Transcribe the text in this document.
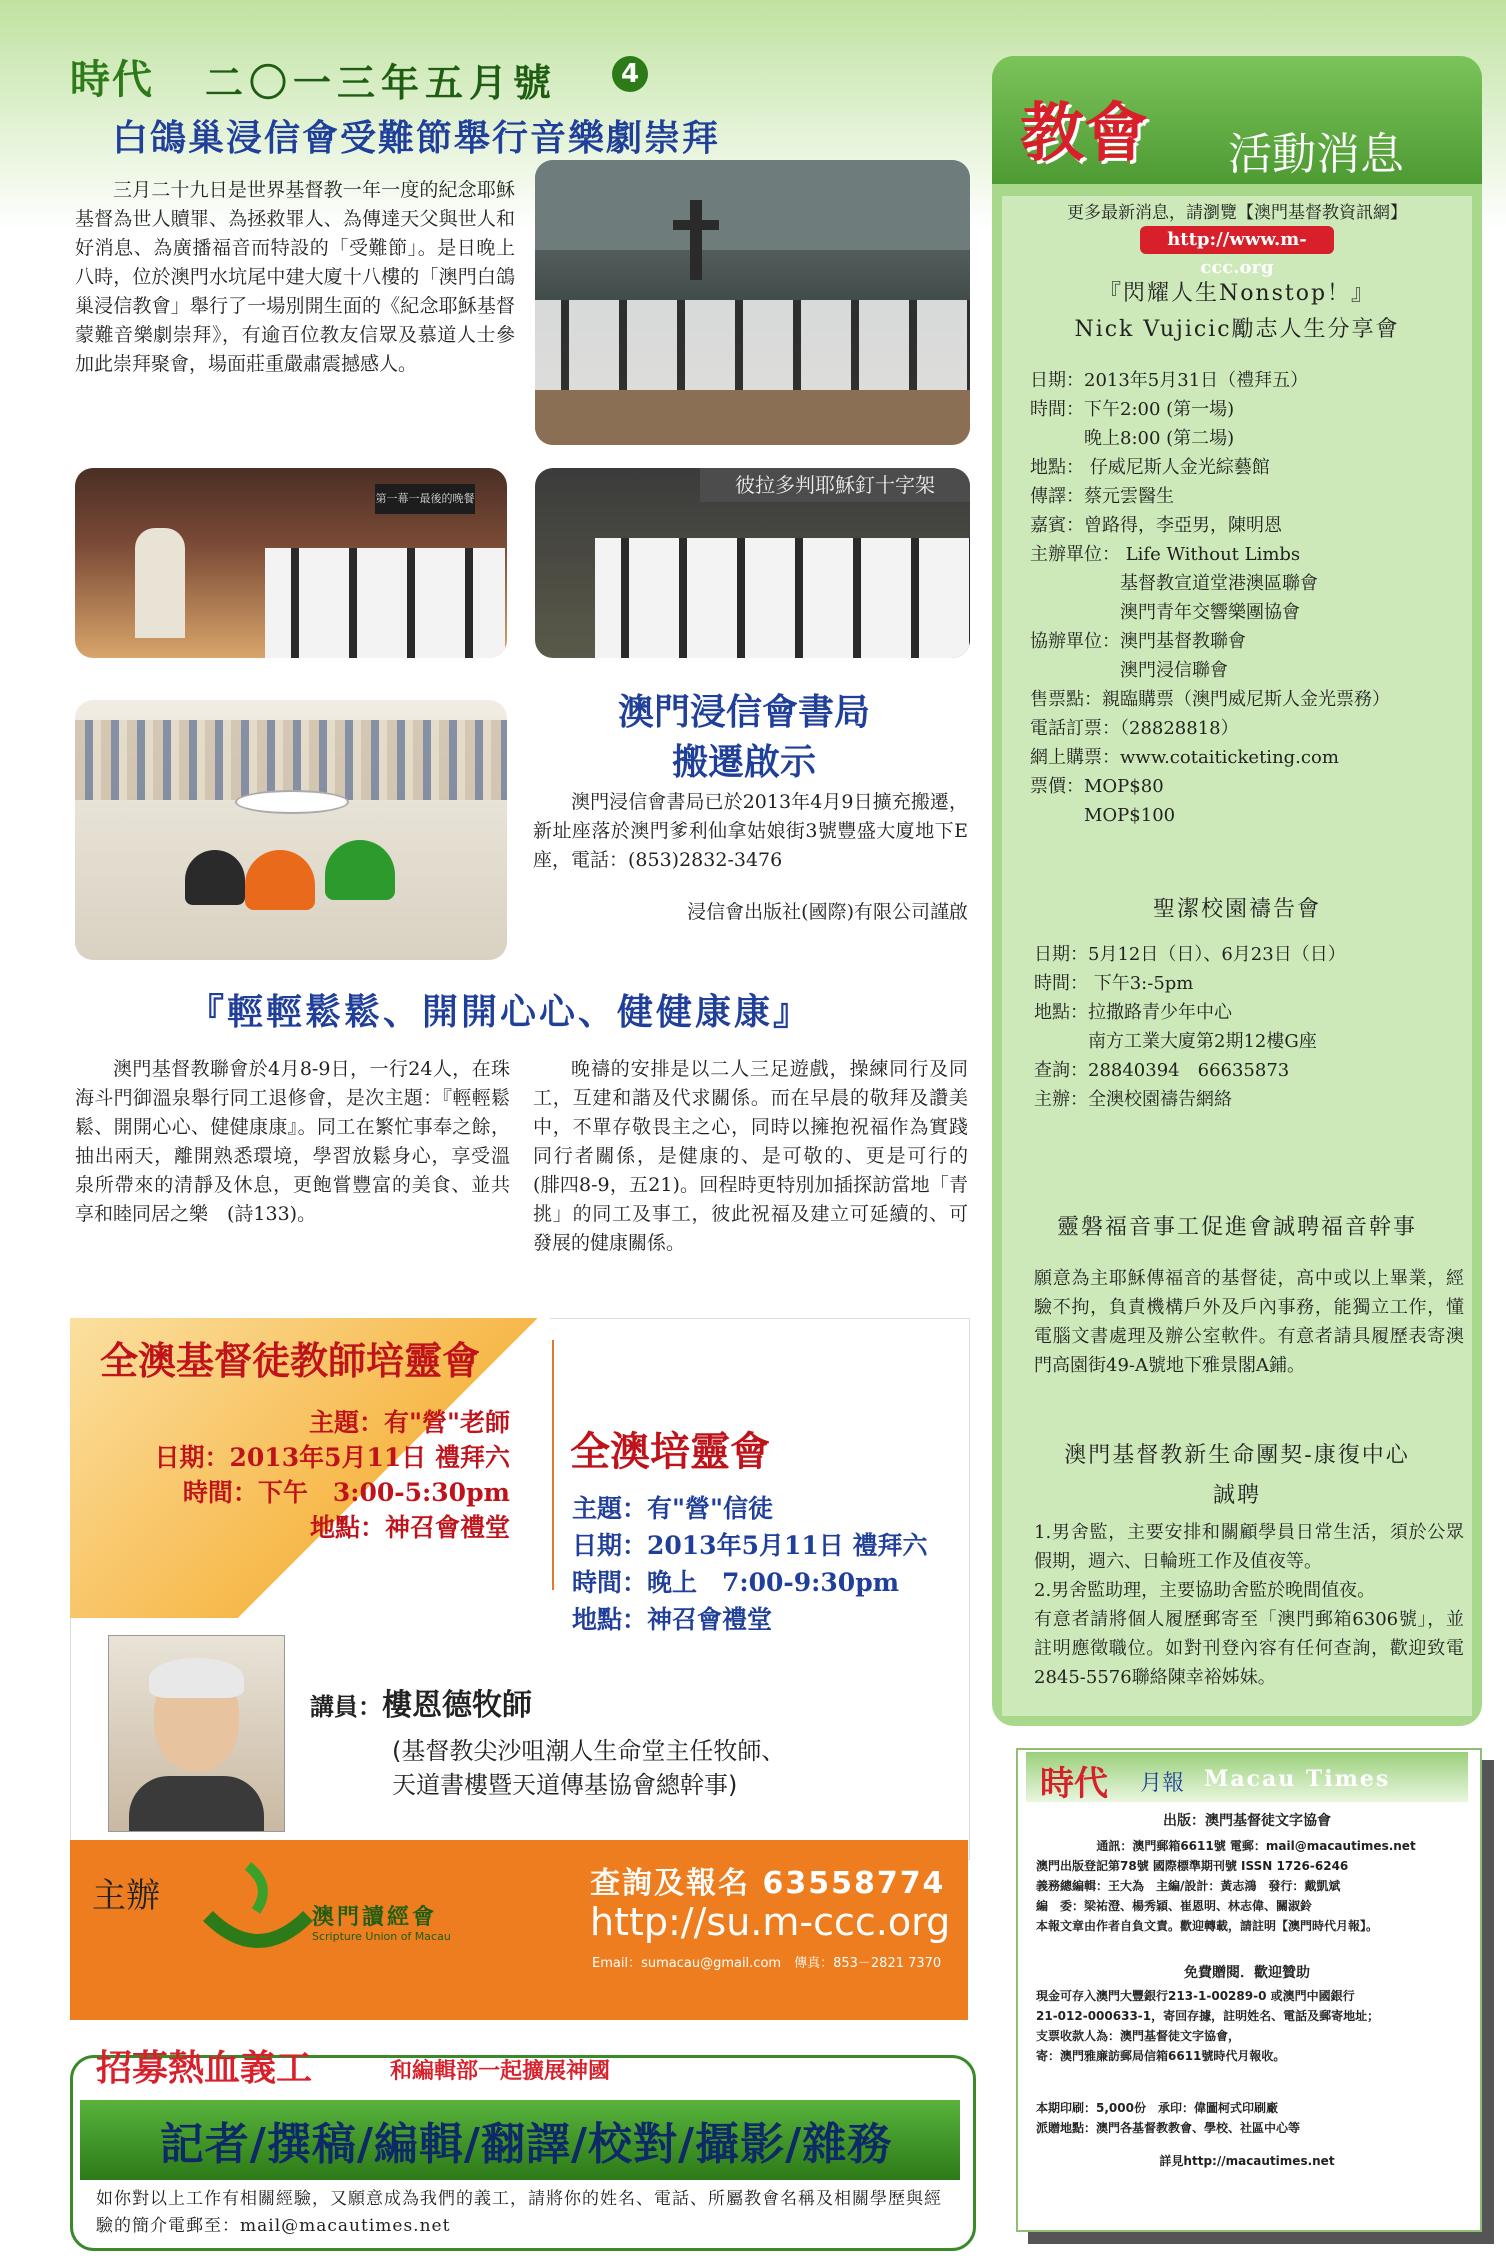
時代 二〇一三年五月號	4
白鴿巢浸信會受難節舉行音樂劇崇拜
三月二十九日是世界基督教一年一度的紀念耶穌基督為世人贖罪、為拯救罪人、為傳達天父與世人和好消息、為廣播福音而特設的「受難節」。是日晚上八時，位於澳門水坑尾中建大廈十八樓的「澳門白鴿巢浸信教會」舉行了一場別開生面的《紀念耶穌基督蒙難音樂劇崇拜》，有逾百位教友信眾及慕道人士參加此崇拜聚會，場面莊重嚴肅震撼感人。
第一幕一最後的晚餐
彼拉多判耶穌釘十字架
澳門浸信會書局
搬遷啟示
澳門浸信會書局已於2013年4月9日擴充搬遷，新址座落於澳門爹利仙拿姑娘街3號豐盛大廈地下E座，電話：(853)2832-3476
浸信會出版社(國際)有限公司謹啟
『輕輕鬆鬆、開開心心、健健康康』
澳門基督教聯會於4月8-9日，一行24人，在珠海斗門御溫泉舉行同工退修會，是次主題：『輕輕鬆鬆、開開心心、健健康康』。同工在繁忙事奉之餘，抽出兩天，離開熟悉環境，學習放鬆身心，享受溫泉所帶來的清靜及休息，更飽嘗豐富的美食、並共享和睦同居之樂　(詩133)。
晚禱的安排是以二人三足遊戲，操練同行及同工，互建和諧及代求關係。而在早晨的敬拜及讚美中，不單存敬畏主之心，同時以擁抱祝福作為實踐同行者關係，是健康的、是可敬的、更是可行的　(腓四8-9，五21)。回程時更特別加插探訪當地「青挑」的同工及事工，彼此祝福及建立可延續的、可發展的健康關係。
全澳基督徒教師培靈會
主題：有"營"老師
日期：2013年5月11日 禮拜六
時間：下午　3:00-5:30pm
地點：神召會禮堂
全澳培靈會
主題：有"營"信徒
日期：2013年5月11日 禮拜六
時間：晚上　7:00-9:30pm
地點：神召會禮堂
講員：樓恩德牧師
(基督教尖沙咀潮人生命堂主任牧師、
天道書樓暨天道傳基協會總幹事)
主辦
澳門讀經會
Scripture Union of Macau
查詢及報名 63558774
http://su.m-ccc.org
Email：sumacau@gmail.com　 傳真：853－2821 7370
招募熱血義工	和編輯部一起擴展神國
記者/撰稿/編輯/翻譯/校對/攝影/雜務
如你對以上工作有相關經驗，又願意成為我們的義工，請將你的姓名、電話、所屬教會名稱及相關學歷與經驗的簡介電郵至：mail@macautimes.net
教會 活動消息
更多最新消息，請瀏覽【澳門基督教資訊網】
http://www.m-ccc.org
『閃耀人生Nonstop！』
Nick Vujicic勵志人生分享會
日期：2013年5月31日（禮拜五）
時間：下午2:00 (第一場)
　　　晚上8:00 (第二場)
地點： 仔威尼斯人金光綜藝館
傳譯：蔡元雲醫生
嘉賓：曾路得，李亞男，陳明恩
主辦單位： Life Without Limbs
　　　　　基督教宣道堂港澳區聯會
　　　　　澳門青年交響樂團協會
協辦單位：澳門基督教聯會
　　　　　澳門浸信聯會
售票點：親臨購票（澳門威尼斯人金光票務）
電話訂票：（28828818）
網上購票：www.cotaiticketing.com
票價：MOP$80
　　　MOP$100
聖潔校園禱告會
日期：5月12日（日）、6月23日（日）
時間： 下午3:-5pm
地點：拉撒路青少年中心
　　　南方工業大廈第2期12樓G座
查詢：28840394　66635873
主辦：全澳校園禱告網絡
靈磐福音事工促進會誠聘福音幹事
願意為主耶穌傳福音的基督徒，高中或以上畢業，經驗不拘，負責機構戶外及戶內事務，能獨立工作，懂電腦文書處理及辦公室軟件。有意者請具履歷表寄澳門高園街49-A號地下雅景閣A鋪。
澳門基督教新生命團契-康復中心
誠聘
1.男舍監，主要安排和關顧學員日常生活，須於公眾假期，週六、日輪班工作及值夜等。
2.男舍監助理，主要協助舍監於晚間值夜。
有意者請將個人履歷郵寄至「澳門郵箱6306號」，並註明應徵職位。如對刊登內容有任何查詢，歡迎致電2845-5576聯絡陳幸裕姊妹。
時代 月報 Macau Times
出版：澳門基督徒文字協會
通訊：澳門郵箱6611號 電郵：mail@macautimes.net
澳門出版登記第78號 國際標準期刊號 ISSN 1726-6246
義務總編輯：王大為　主編/設計：黃志鴻　發行：戴凱斌
編　委：梁祐澄、楊秀穎、崔恩明、林志偉、關淑鈴
本報文章由作者自負文責。歡迎轉載，請註明【澳門時代月報】。
免費贈閱．歡迎贊助
現金可存入澳門大豐銀行213-1-00289-0 或澳門中國銀行
21-012-000633-1，寄回存據，註明姓名、電話及郵寄地址；
支票收款人為：澳門基督徒文字協會，
寄：澳門雅廉訪郵局信箱6611號時代月報收。
本期印刷：5,000份　承印：偉圖柯式印刷廠
派贈地點：澳門各基督教教會、學校、社區中心等
詳見http://macautimes.net
